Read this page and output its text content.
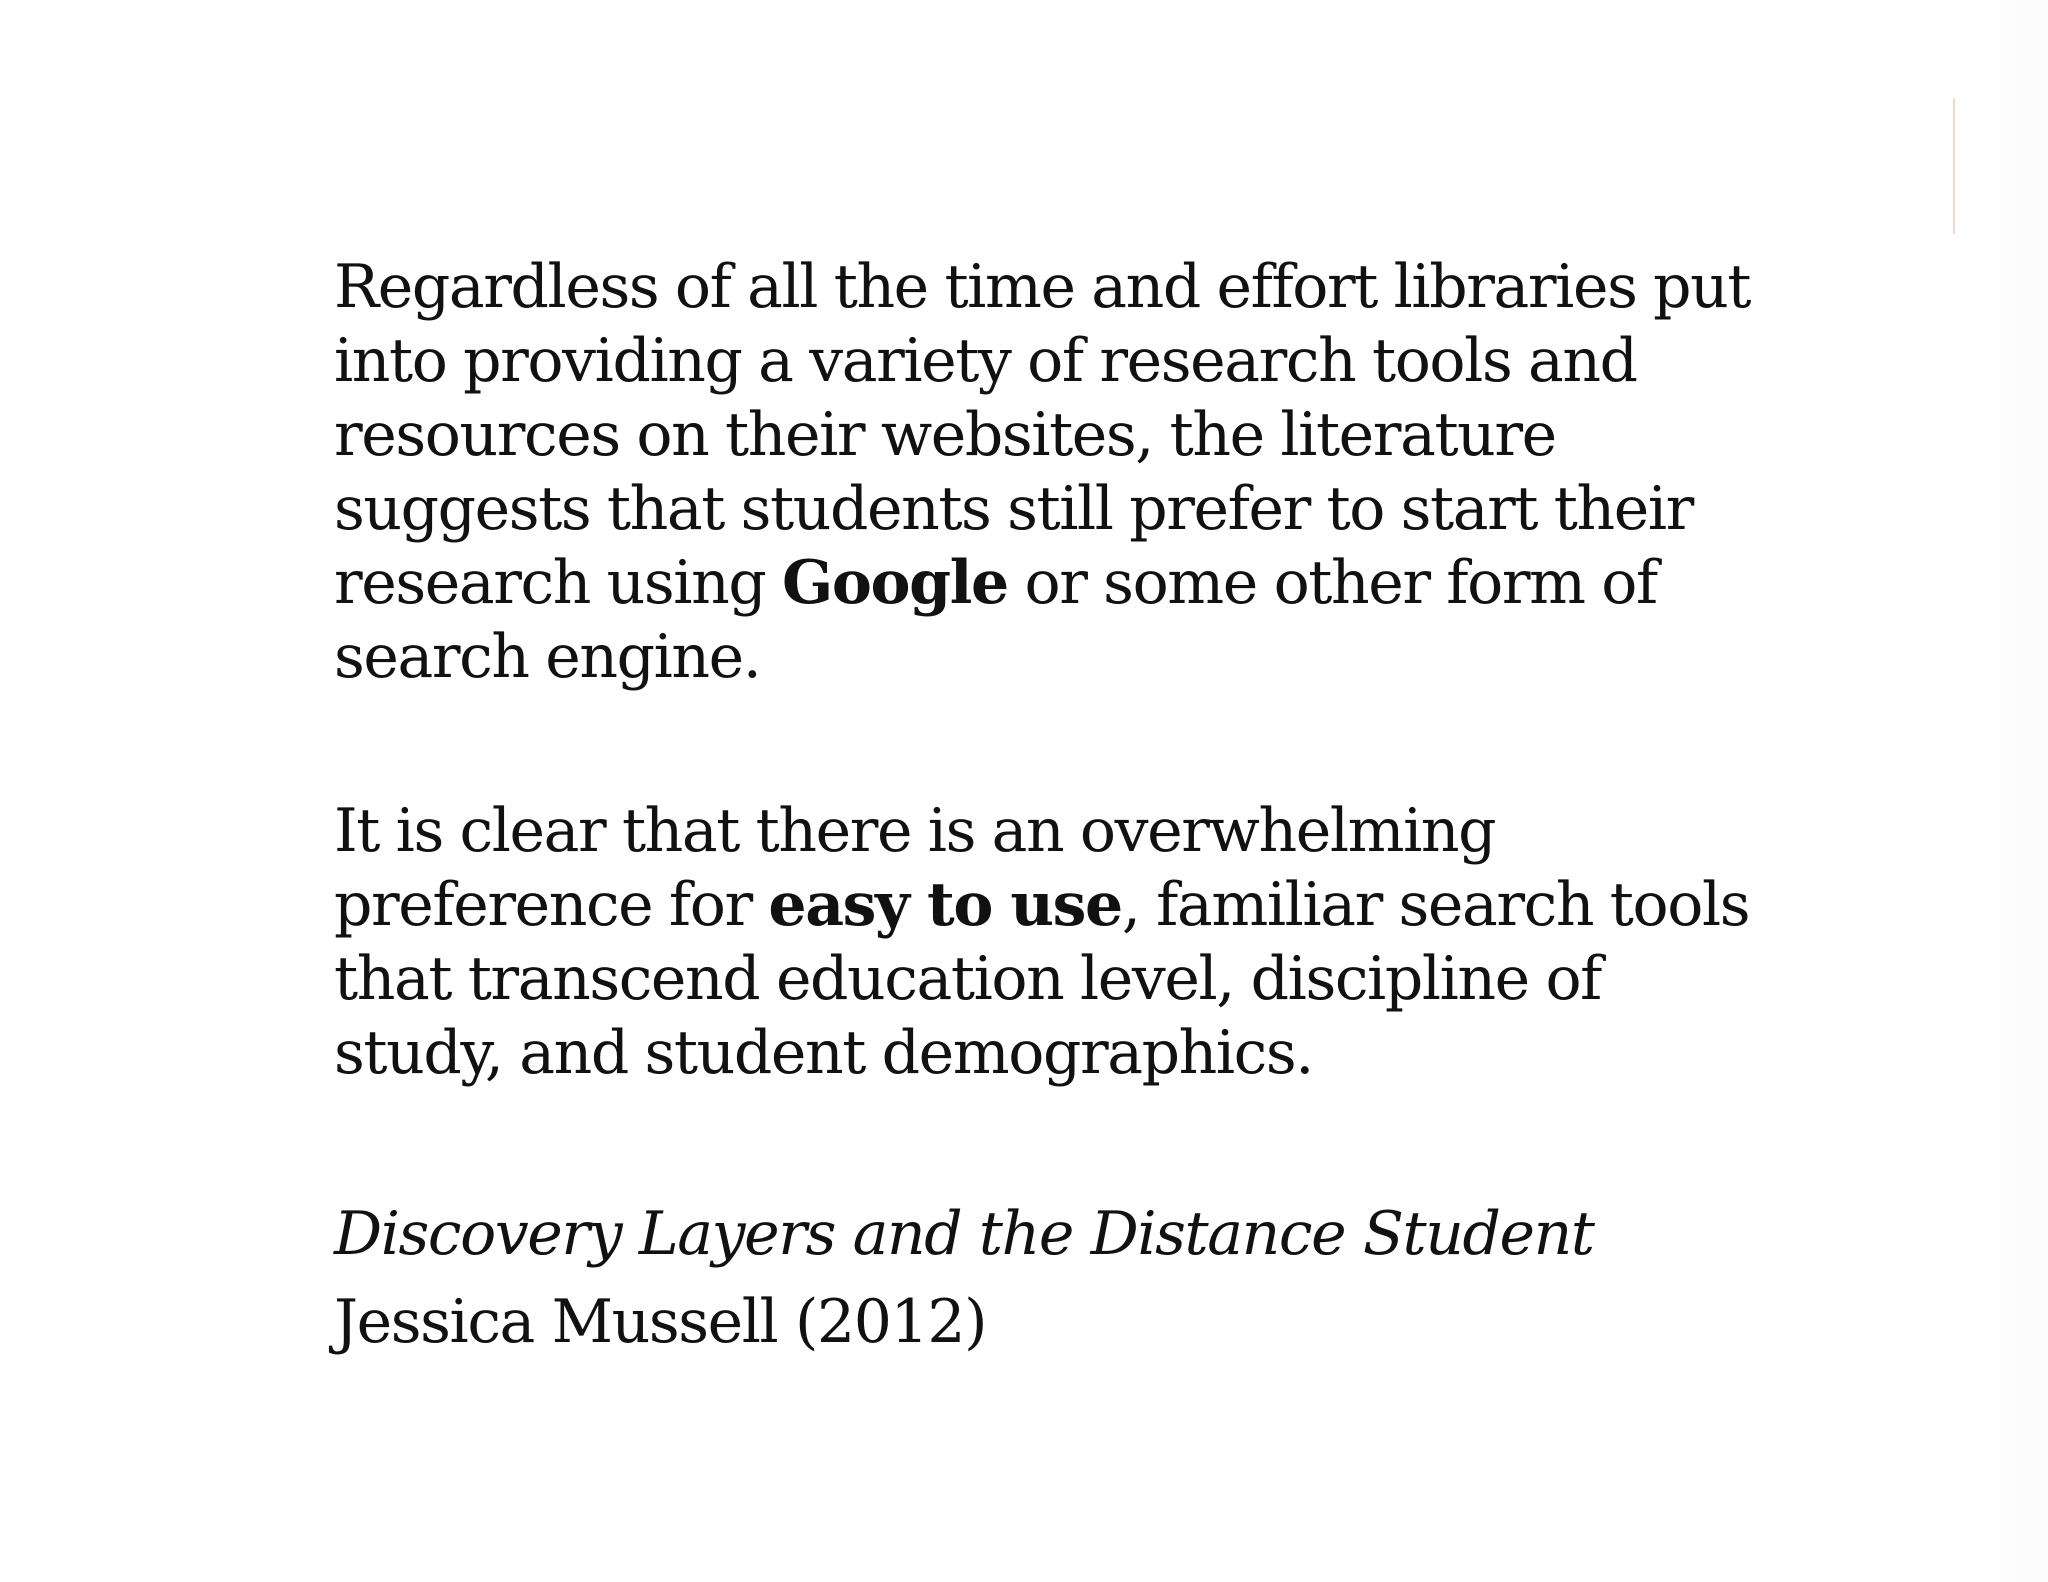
Regardless of all the time and effort libraries put into providing a variety of research tools and resources on their websites, the literature suggests that students still prefer to start their research using Google or some other form of search engine.

It is clear that there is an overwhelming preference for easy to use, familiar search tools that transcend education level, discipline of study, and student demographics.

Discovery Layers and the Distance Student
Jessica Mussell (2012)
